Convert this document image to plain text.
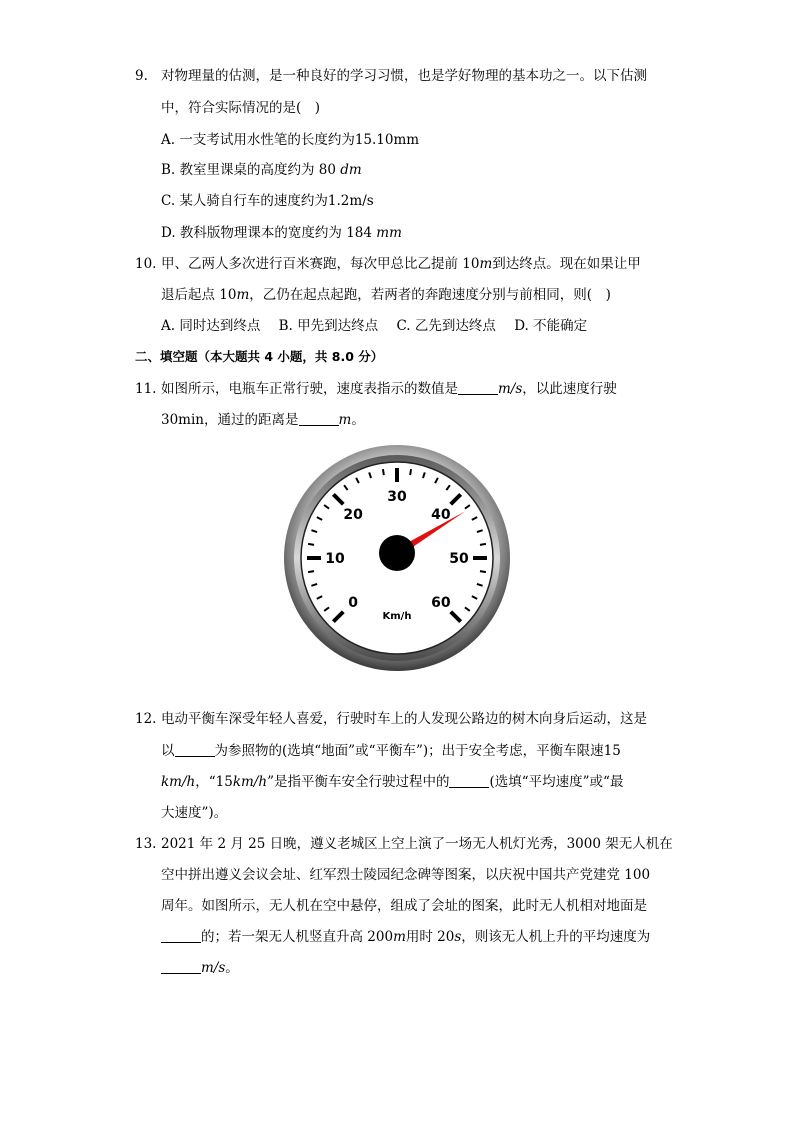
9. 对物理量的估测，是一种良好的学习习惯，也是学好物理的基本功之一。以下估测
中，符合实际情况的是(　)
A. 一支考试用水性笔的长度约为15.10mm
B. 教室里课桌的高度约为 80 dm
C. 某人骑自行车的速度约为1.2m/s
D. 教科版物理课本的宽度约为 184 mm
10. 甲、乙两人多次进行百米赛跑，每次甲总比乙提前 10m到达终点。现在如果让甲
退后起点 10m，乙仍在起点起跑，若两者的奔跑速度分别与前相同，则(　)
A. 同时达到终点 B. 甲先到达终点 C. 乙先到达终点 D. 不能确定
二、填空题（本大题共 4 小题，共 8.0 分）
11. 如图所示，电瓶车正常行驶，速度表指示的数值是	m/s，以此速度行驶
30min，通过的距离是	m。
0
10
20
30
40
50
60
Km/h
12. 电动平衡车深受年轻人喜爱，行驶时车上的人发现公路边的树木向身后运动，这是
以	为参照物的(选填“地面”或“平衡车”)；出于安全考虑，平衡车限速15
km/h，“15km/h”是指平衡车安全行驶过程中的	(选填“平均速度”或“最
大速度”)。
13. 2021 年 2 月 25 日晚，遵义老城区上空上演了一场无人机灯光秀，3000 架无人机在
空中拼出遵义会议会址、红军烈士陵园纪念碑等图案，以庆祝中国共产党建党 100
周年。如图所示，无人机在空中悬停，组成了会址的图案，此时无人机相对地面是
的；若一架无人机竖直升高 200m用时 20s，则该无人机上升的平均速度为
m/s。
